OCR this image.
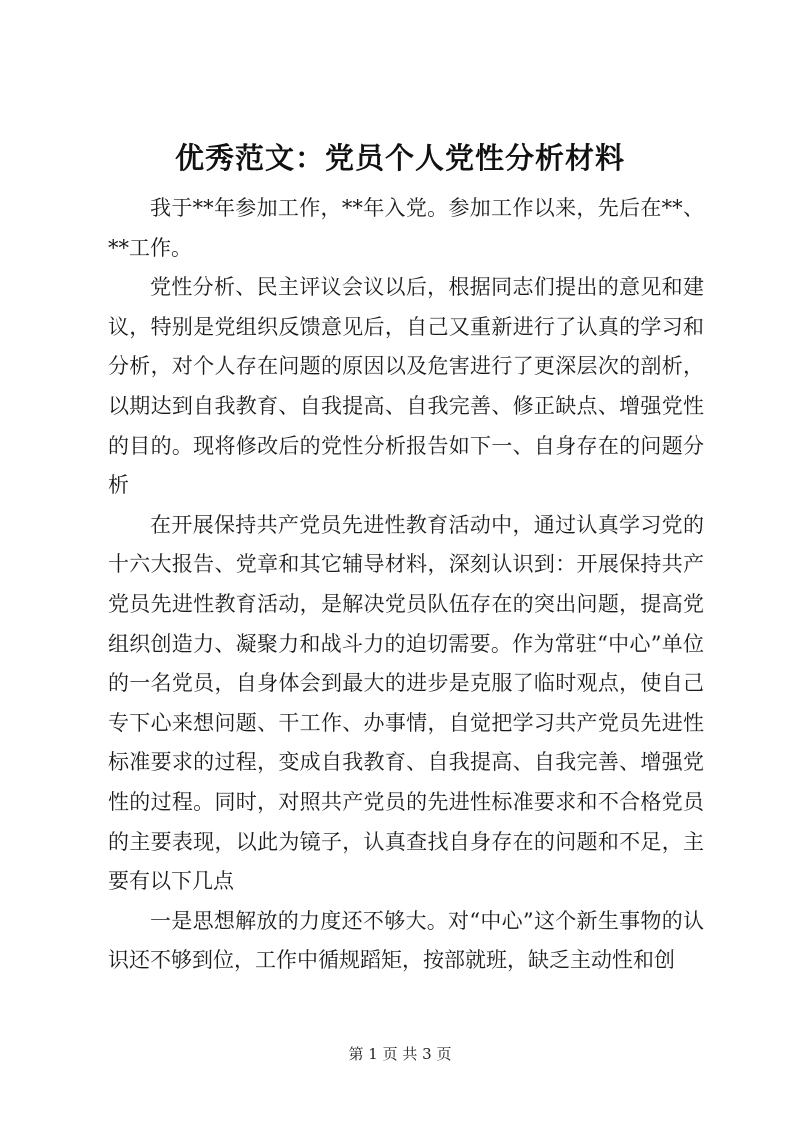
优秀范文：党员个人党性分析材料

我于**年参加工作，**年入党。参加工作以来，先后在**、**工作。

党性分析、民主评议会议以后，根据同志们提出的意见和建议，特别是党组织反馈意见后，自己又重新进行了认真的学习和分析，对个人存在问题的原因以及危害进行了更深层次的剖析，以期达到自我教育、自我提高、自我完善、修正缺点、增强党性的目的。现将修改后的党性分析报告如下一、自身存在的问题分析

在开展保持共产党员先进性教育活动中，通过认真学习党的十六大报告、党章和其它辅导材料，深刻认识到：开展保持共产党员先进性教育活动，是解决党员队伍存在的突出问题，提高党组织创造力、凝聚力和战斗力的迫切需要。作为常驻“中心”单位的一名党员，自身体会到最大的进步是克服了临时观点，使自己专下心来想问题、干工作、办事情，自觉把学习共产党员先进性标准要求的过程，变成自我教育、自我提高、自我完善、增强党性的过程。同时，对照共产党员的先进性标准要求和不合格党员的主要表现，以此为镜子，认真查找自身存在的问题和不足，主要有以下几点

一是思想解放的力度还不够大。对“中心”这个新生事物的认识还不够到位，工作中循规蹈矩，按部就班，缺乏主动性和创

第 1 页 共 3 页
